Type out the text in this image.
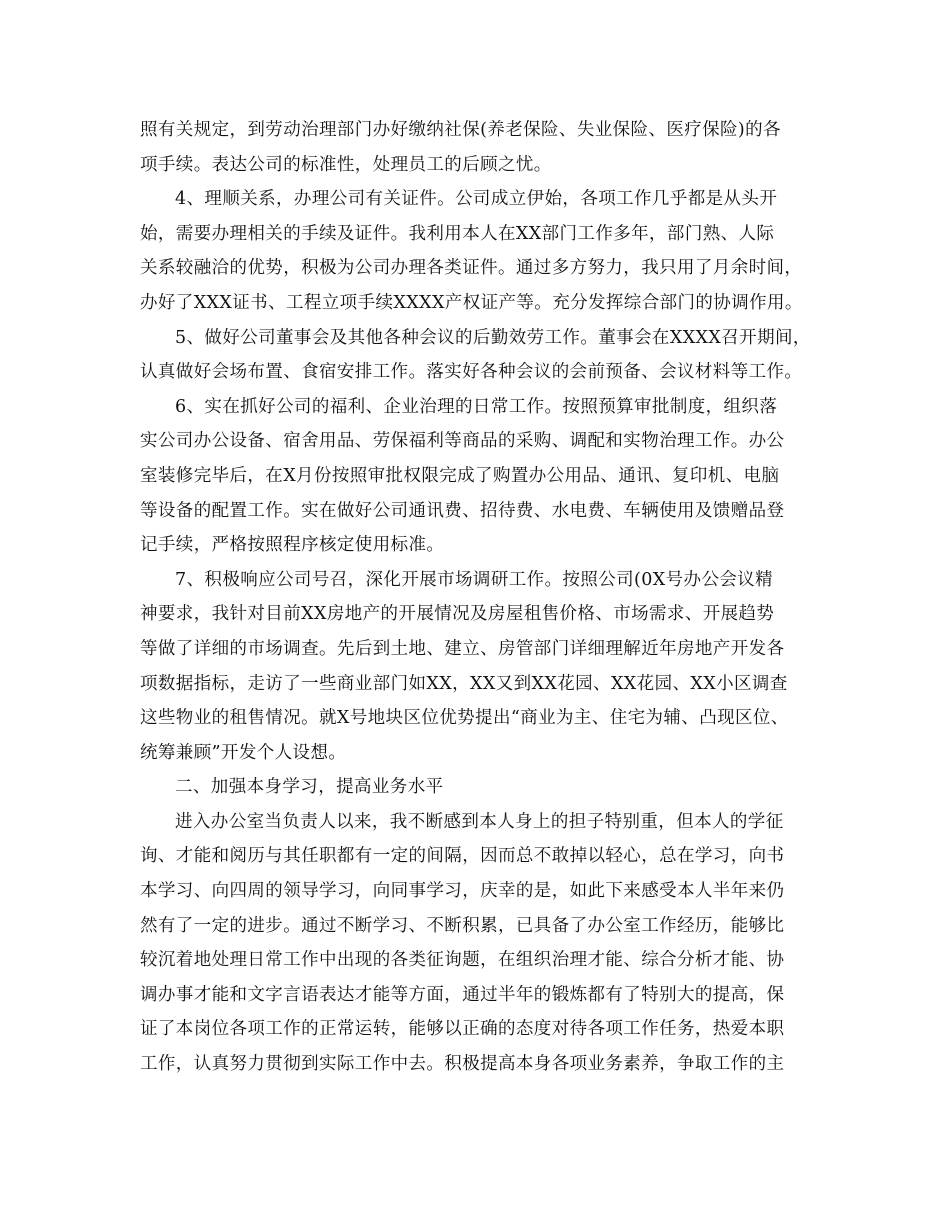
照有关规定，到劳动治理部门办好缴纳社保(养老保险、失业保险、医疗保险)的各
项手续。表达公司的标准性，处理员工的后顾之忧。
4、理顺关系，办理公司有关证件。公司成立伊始，各项工作几乎都是从头开
始，需要办理相关的手续及证件。我利用本人在XX部门工作多年，部门熟、人际
关系较融洽的优势，积极为公司办理各类证件。通过多方努力，我只用了月余时间，
办好了XXX证书、工程立项手续XXXX产权证产等。充分发挥综合部门的协调作用。
5、做好公司董事会及其他各种会议的后勤效劳工作。董事会在XXXX召开期间，
认真做好会场布置、食宿安排工作。落实好各种会议的会前预备、会议材料等工作。
6、实在抓好公司的福利、企业治理的日常工作。按照预算审批制度，组织落
实公司办公设备、宿舍用品、劳保福利等商品的采购、调配和实物治理工作。办公
室装修完毕后，在X月份按照审批权限完成了购置办公用品、通讯、复印机、电脑
等设备的配置工作。实在做好公司通讯费、招待费、水电费、车辆使用及馈赠品登
记手续，严格按照程序核定使用标准。
7、积极响应公司号召，深化开展市场调研工作。按照公司(0X号办公会议精
神要求，我针对目前XX房地产的开展情况及房屋租售价格、市场需求、开展趋势
等做了详细的市场调查。先后到土地、建立、房管部门详细理解近年房地产开发各
项数据指标，走访了一些商业部门如XX，XX又到XX花园、XX花园、XX小区调查
这些物业的租售情况。就X号地块区位优势提出“商业为主、住宅为辅、凸现区位、
统筹兼顾”开发个人设想。
二、加强本身学习，提高业务水平
进入办公室当负责人以来，我不断感到本人身上的担子特别重，但本人的学征
询、才能和阅历与其任职都有一定的间隔，因而总不敢掉以轻心，总在学习，向书
本学习、向四周的领导学习，向同事学习，庆幸的是，如此下来感受本人半年来仍
然有了一定的进步。通过不断学习、不断积累，已具备了办公室工作经历，能够比
较沉着地处理日常工作中出现的各类征询题，在组织治理才能、综合分析才能、协
调办事才能和文字言语表达才能等方面，通过半年的锻炼都有了特别大的提高，保
证了本岗位各项工作的正常运转，能够以正确的态度对待各项工作任务，热爱本职
工作，认真努力贯彻到实际工作中去。积极提高本身各项业务素养，争取工作的主
